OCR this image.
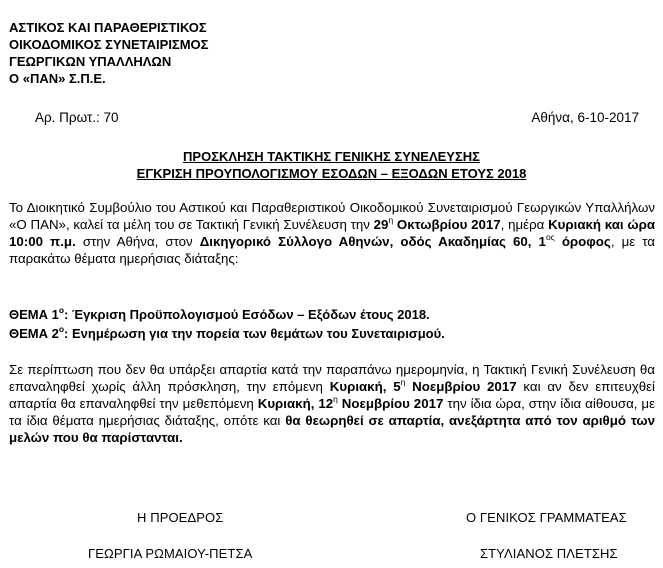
ΑΣΤΙΚΟΣ ΚΑΙ ΠΑΡΑΘΕΡΙΣΤΙΚΟΣ
ΟΙΚΟΔΟΜΙΚΟΣ ΣΥΝΕΤΑΙΡΙΣΜΟΣ
ΓΕΩΡΓΙΚΩΝ ΥΠΑΛΛΗΛΩΝ
Ο «ΠΑΝ» Σ.Π.Ε.
Αρ. Πρωτ.: 70	Αθήνα, 6-10-2017
ΠΡΟΣΚΛΗΣΗ ΤΑΚΤΙΚΗΣ ΓΕΝΙΚΗΣ ΣΥΝΕΛΕΥΣΗΣ
ΕΓΚΡΙΣΗ ΠΡΟΥΠΟΛΟΓΙΣΜΟΥ ΕΣΟΔΩΝ – ΕΞΟΔΩΝ ΕΤΟΥΣ 2018
Το Διοικητικό Συμβούλιο του Αστικού και Παραθεριστικού Οικοδομικού Συνεταιρισμού Γεωργικών Υπαλλήλων «Ο ΠΑΝ», καλεί τα μέλη του σε Τακτική Γενική Συνέλευση την $29^\eta$ Οκτωβρίου 2017, ημέρα Κυριακή και ώρα 10:00 π.μ. στην Αθήνα, στον Δικηγορικό Σύλλογο Αθηνών, οδός Ακαδημίας 60, $1^{o\varsigma}$ όροφος, με τα παρακάτω θέματα ημερήσιας διάταξης:
ΘΕΜΑ $1^o$: Έγκριση Προϋπολογισμού Εσόδων – Εξόδων έτους 2018.
ΘΕΜΑ $2^o$: Ενημέρωση για την πορεία των θεμάτων του Συνεταιρισμού.
Σε περίπτωση που δεν θα υπάρξει απαρτία κατά την παραπάνω ημερομηνία, η Τακτική Γενική Συνέλευση θα επαναληφθεί χωρίς άλλη πρόσκληση, την επόμενη Κυριακή, $5^\eta$ Νοεμβρίου 2017 και αν δεν επιτευχθεί απαρτία θα επαναληφθεί την μεθεπόμενη Κυριακή, $12^\eta$ Νοεμβρίου 2017 την ίδια ώρα, στην ίδια αίθουσα, με τα ίδια θέματα ημερήσιας διάταξης, οπότε και θα θεωρηθεί σε απαρτία, ανεξάρτητα από τον αριθμό των μελών που θα παρίστανται.
Η ΠΡΟΕΔΡΟΣ	Ο ΓΕΝΙΚΟΣ ΓΡΑΜΜΑΤΕΑΣ
ΓΕΩΡΓΙΑ ΡΩΜΑΙΟΥ-ΠΕΤΣΑ	ΣΤΥΛΙΑΝΟΣ ΠΛΕΤΣΗΣ
